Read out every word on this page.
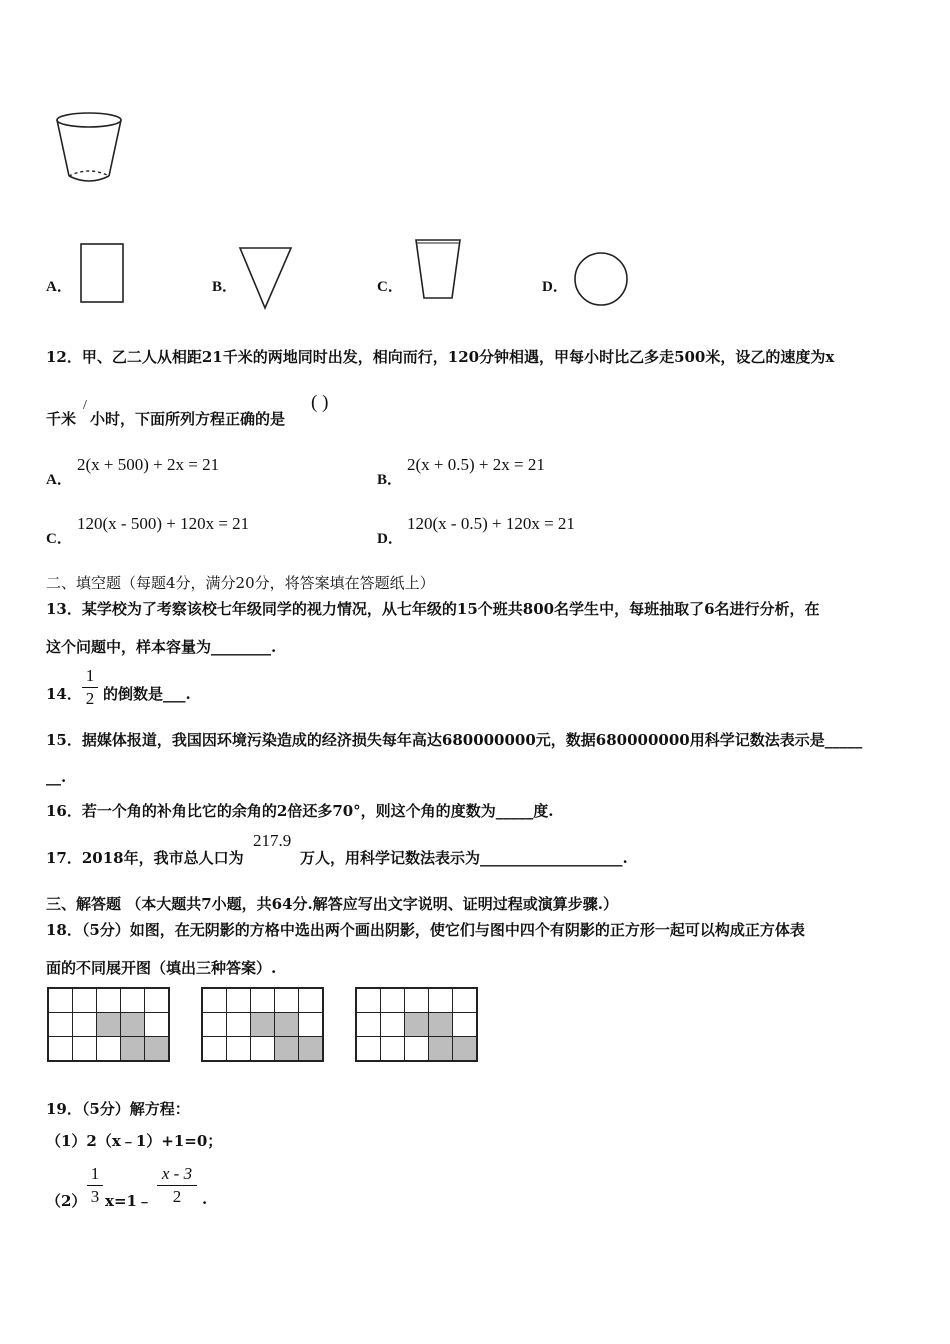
A．	B．	C．	D．
12．甲、乙二人从相距21千米的两地同时出发，相向而行，120分钟相遇，甲每小时比乙多走500米，设乙的速度为x
千米
/
小时，下面所列方程正确的是
( )
A．
2(x + 500) + 2x = 21
B．
2(x + 0.5) + 2x = 21
C．
120(x - 500) + 120x = 21
D．
120(x - 0.5) + 120x = 21
二、填空题（每题4分，满分20分，将答案填在答题纸上）
13．某学校为了考察该校七年级同学的视力情况，从七年级的15个班共800名学生中，每班抽取了6名进行分析，在
这个问题中，样本容量为________.
14．
1
2 的倒数是___.
15．据媒体报道，我国因环境污染造成的经济损失每年高达680000000元，数据680000000用科学记数法表示是_____
__.
16．若一个角的补角比它的余角的2倍还多70°，则这个角的度数为_____度.
17．2018年，我市总人口为
217.9
万人，用科学记数法表示为___________________.
三、解答题 （本大题共7小题，共64分.解答应写出文字说明、证明过程或演算步骤.）
18．（5分）如图，在无阴影的方格中选出两个画出阴影，使它们与图中四个有阴影的正方形一起可以构成正方体表
面的不同展开图（填出三种答案）.

19．（5分）解方程：
（1）2（x﹣1）+1=0；
（2）
1
3 x=1﹣
x - 3
2	.
